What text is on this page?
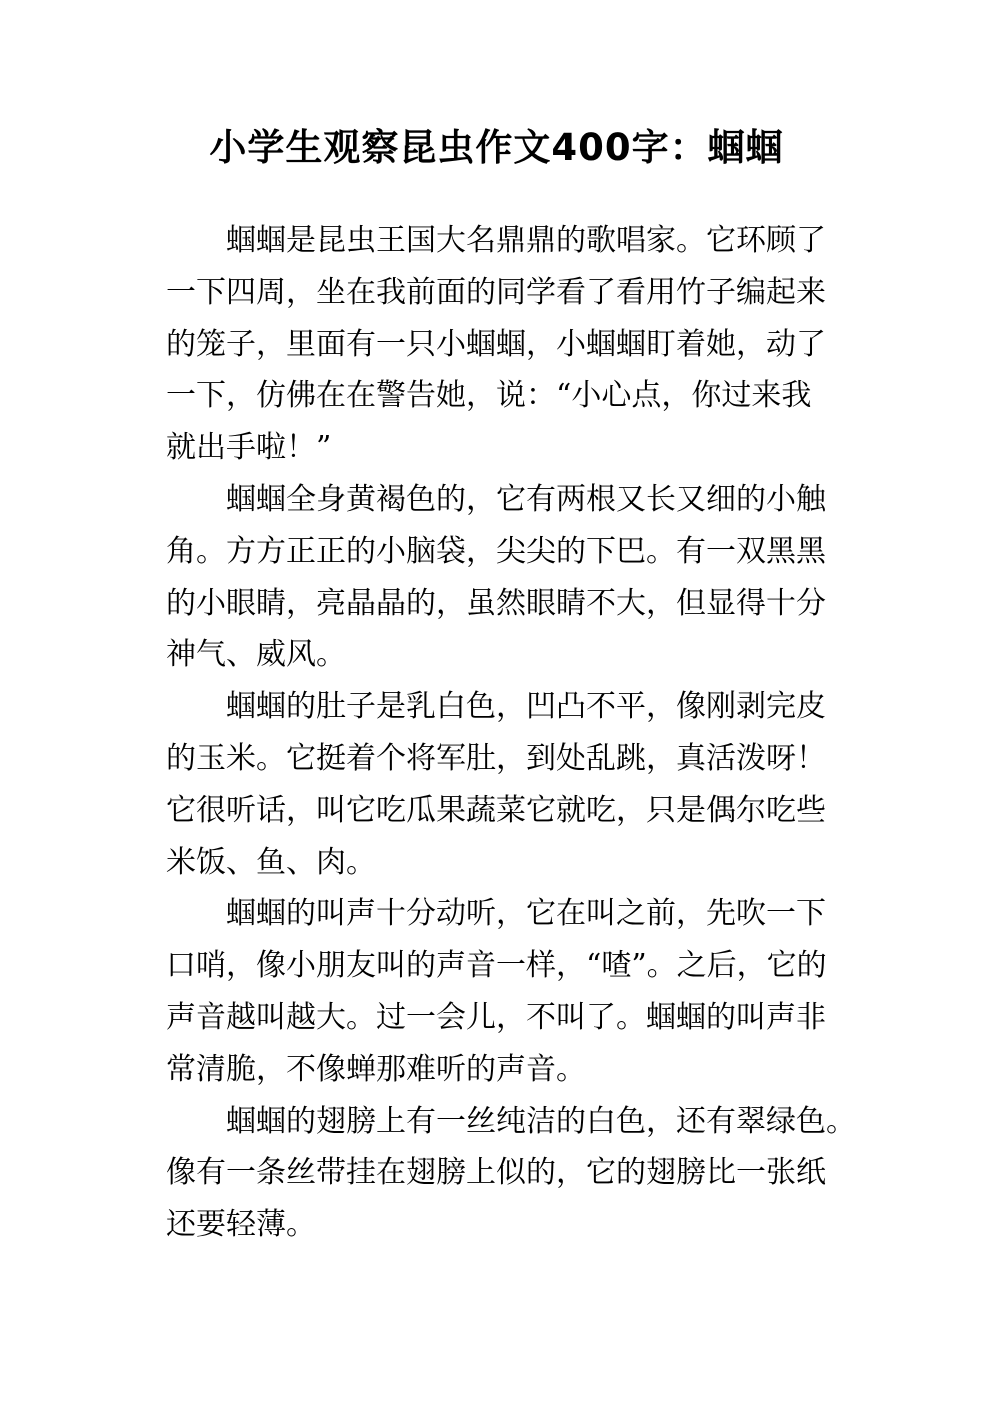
小学生观察昆虫作文400字：蝈蝈
蝈蝈是昆虫王国大名鼎鼎的歌唱家。它环顾了
一下四周，坐在我前面的同学看了看用竹子编起来
的笼子，里面有一只小蝈蝈，小蝈蝈盯着她，动了
一下，仿佛在在警告她，说：“小心点，你过来我
就出手啦！”
蝈蝈全身黄褐色的，它有两根又长又细的小触
角。方方正正的小脑袋，尖尖的下巴。有一双黑黑
的小眼睛，亮晶晶的，虽然眼睛不大，但显得十分
神气、威风。
蝈蝈的肚子是乳白色，凹凸不平，像刚剥完皮
的玉米。它挺着个将军肚，到处乱跳，真活泼呀！
它很听话，叫它吃瓜果蔬菜它就吃，只是偶尔吃些
米饭、鱼、肉。
蝈蝈的叫声十分动听，它在叫之前，先吹一下
口哨，像小朋友叫的声音一样，“喳”。之后，它的
声音越叫越大。过一会儿，不叫了。蝈蝈的叫声非
常清脆，不像蝉那难听的声音。
蝈蝈的翅膀上有一丝纯洁的白色，还有翠绿色。
像有一条丝带挂在翅膀上似的，它的翅膀比一张纸
还要轻薄。
